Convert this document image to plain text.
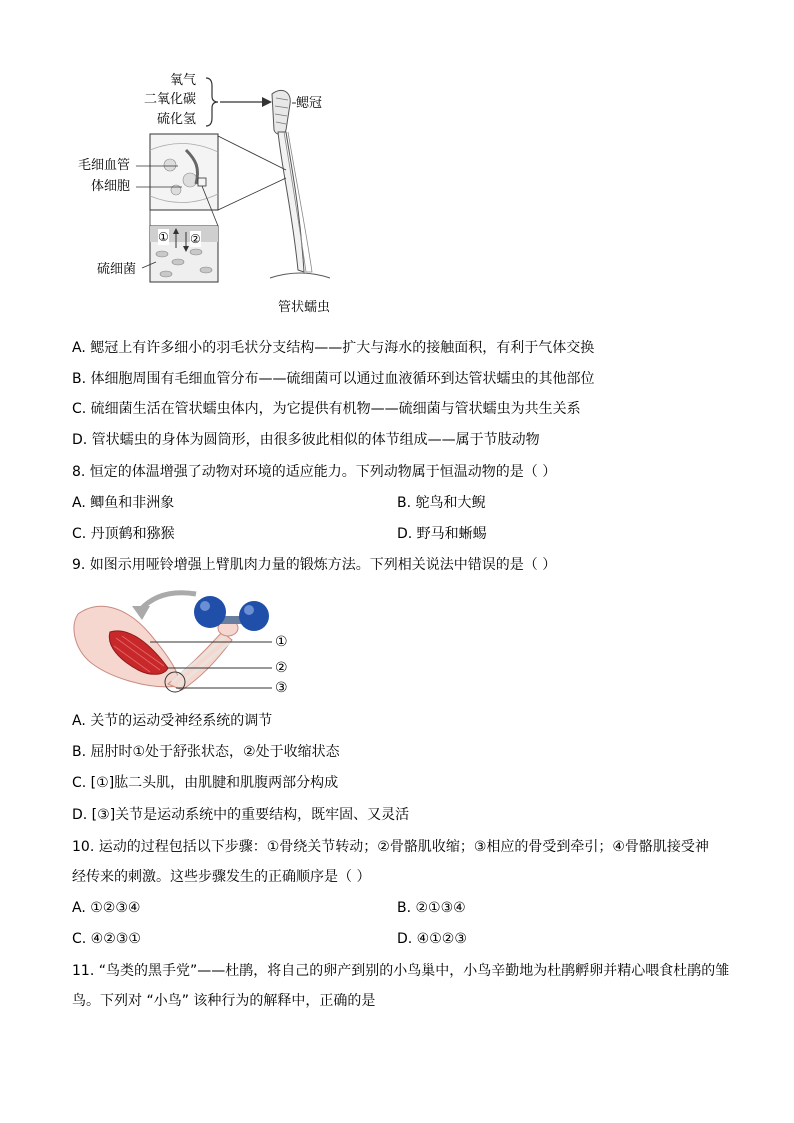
氧气
二氧化碳
硫化氢
鳃冠
毛细血管
体细胞
硫细菌
管状蠕虫
① ②
A. 鳃冠上有许多细小的羽毛状分支结构——扩大与海水的接触面积，有利于气体交换
B. 体细胞周围有毛细血管分布——硫细菌可以通过血液循环到达管状蠕虫的其他部位
C. 硫细菌生活在管状蠕虫体内，为它提供有机物——硫细菌与管状蠕虫为共生关系
D. 管状蠕虫的身体为圆筒形，由很多彼此相似的体节组成——属于节肢动物
8. 恒定的体温增强了动物对环境的适应能力。下列动物属于恒温动物的是（ ）
A. 鲫鱼和非洲象	B. 鸵鸟和大鲵
C. 丹顶鹤和猕猴	D. 野马和蜥蜴
9. 如图示用哑铃增强上臂肌肉力量的锻炼方法。下列相关说法中错误的是（ ）
①
②
③
A. 关节的运动受神经系统的调节
B. 屈肘时①处于舒张状态，②处于收缩状态
C. [①]肱二头肌，由肌腱和肌腹两部分构成
D. [③]关节是运动系统中的重要结构，既牢固、又灵活
10. 运动的过程包括以下步骤：①骨绕关节转动；②骨骼肌收缩；③相应的骨受到牵引；④骨骼肌接受神
经传来的刺激。这些步骤发生的正确顺序是（ ）
A. ①②③④	B. ②①③④
C. ④②③①	D. ④①②③
11. “鸟类的黑手党”——杜鹃，将自己的卵产到别的小鸟巢中，小鸟辛勤地为杜鹃孵卵并精心喂食杜鹃的雏
鸟。下列对 “小鸟” 该种行为的解释中，正确的是
